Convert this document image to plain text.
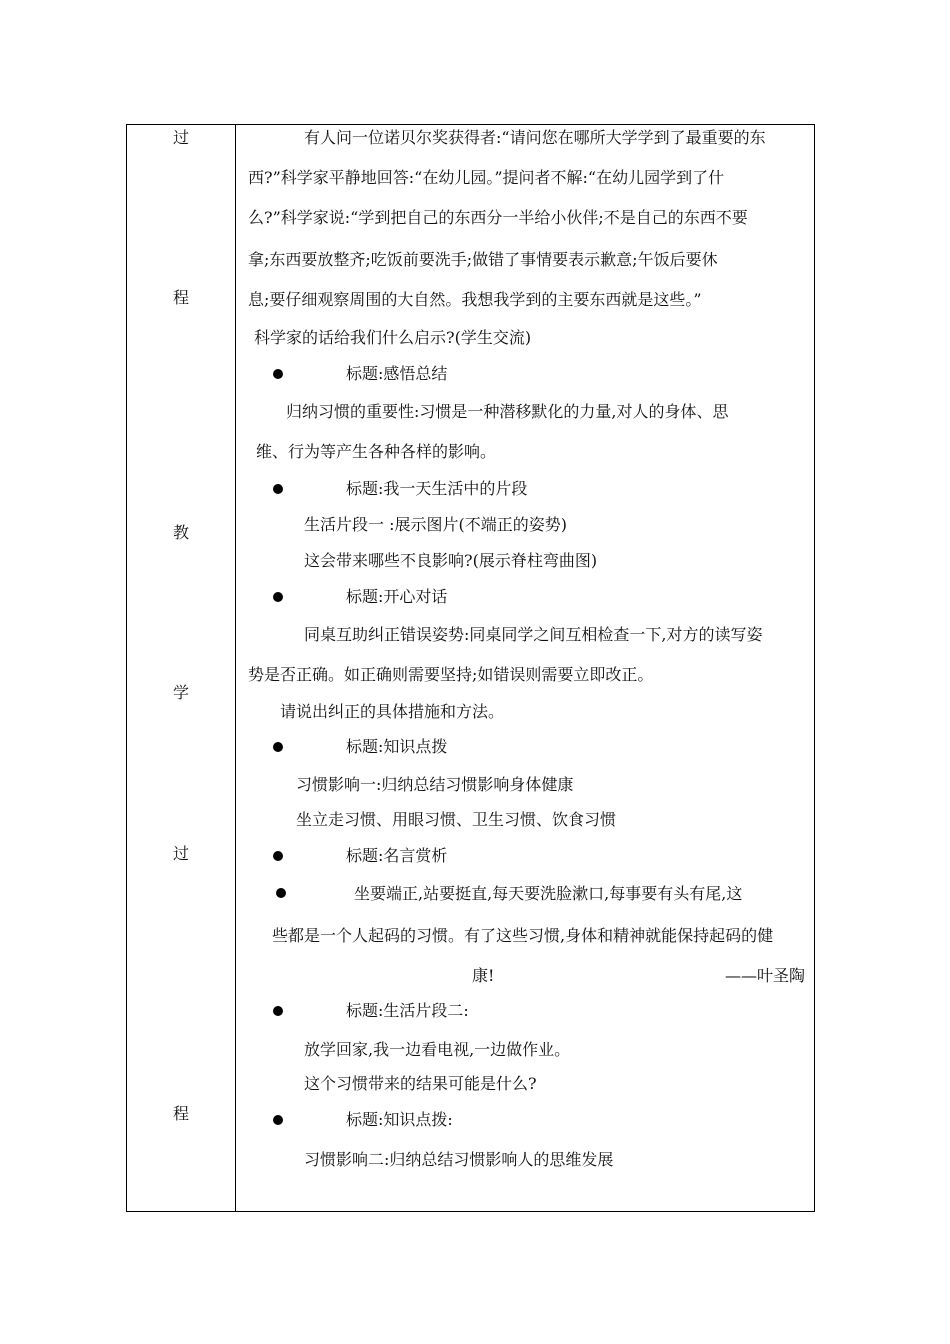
过
程
教
学
过
程
有人问一位诺贝尔奖获得者:“请问您在哪所大学学到了最重要的东
西?”科学家平静地回答:“在幼儿园。”提问者不解:“在幼儿园学到了什
么?”科学家说:“学到把自己的东西分一半给小伙伴;不是自己的东西不要
拿;东西要放整齐;吃饭前要洗手;做错了事情要表示歉意;午饭后要休
息;要仔细观察周围的大自然。我想我学到的主要东西就是这些。”
科学家的话给我们什么启示?(学生交流)
标题:感悟总结
归纳习惯的重要性:习惯是一种潜移默化的力量,对人的身体、思
维、行为等产生各种各样的影响。
标题:我一天生活中的片段
生活片段一 :展示图片(不端正的姿势)
这会带来哪些不良影响?(展示脊柱弯曲图)
标题:开心对话
同桌互助纠正错误姿势:同桌同学之间互相检查一下,对方的读写姿
势是否正确。如正确则需要坚持;如错误则需要立即改正。
请说出纠正的具体措施和方法。
标题:知识点拨
习惯影响一:归纳总结习惯影响身体健康
坐立走习惯、用眼习惯、卫生习惯、饮食习惯
标题:名言赏析
坐要端正,站要挺直,每天要洗脸漱口,每事要有头有尾,这
些都是一个人起码的习惯。有了这些习惯,身体和精神就能保持起码的健
康!	——叶圣陶
标题:生活片段二:
放学回家,我一边看电视,一边做作业。
这个习惯带来的结果可能是什么?
标题:知识点拨:
习惯影响二:归纳总结习惯影响人的思维发展
